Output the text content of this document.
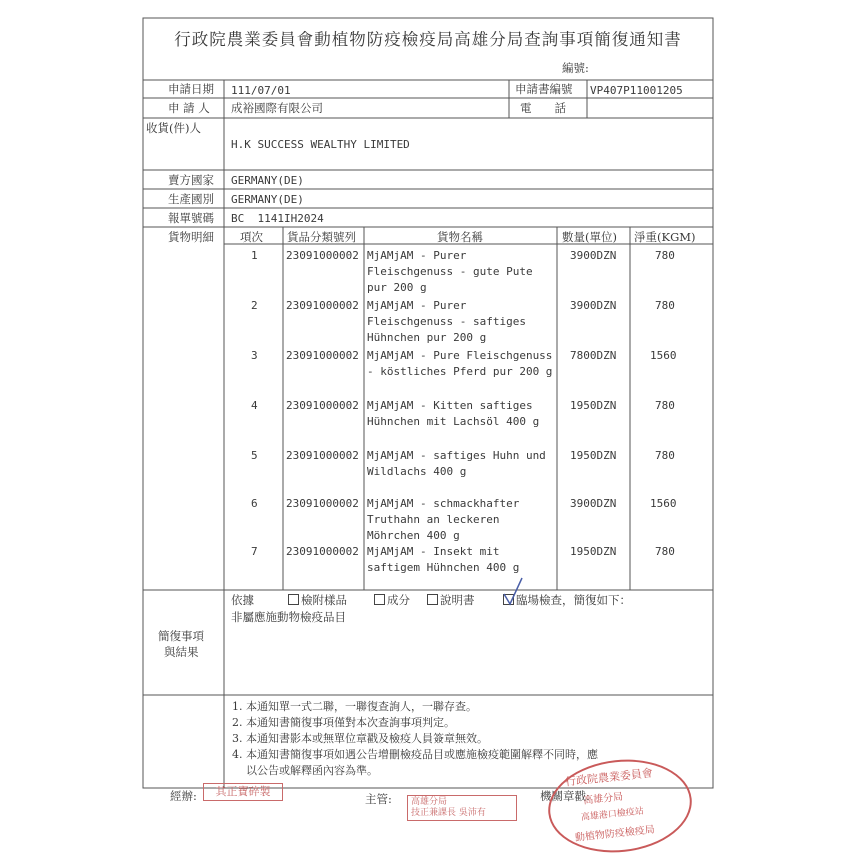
行政院農業委員會動植物防疫檢疫局高雄分局查詢事項簡復通知書
編號:
申請日期 111/07/01	申請書編號 VP407P11001205
申 請 人 成裕國際有限公司	電　　話
收貨(件)人
H.K SUCCESS WEALTHY LIMITED
賣方國家 GERMANY(DE)
生產國別 GERMANY(DE)
報單號碼 BC  1141IH2024
貨物明細 項次 貨品分類號列	貨物名稱	數量(單位) 淨重(KGM)
1	23091000002 MjAMjAM - Purer
Fleischgenuss - gute Pute
pur 200 g
3900DZN	780
2	23091000002 MjAMjAM - Purer
Fleischgenuss - saftiges
Hühnchen pur 200 g
3900DZN	780
3	23091000002 MjAMjAM - Pure Fleischgenuss
- köstliches Pferd pur 200 g
7800DZN	1560
4	23091000002 MjAMjAM - Kitten saftiges
Hühnchen mit Lachsöl 400 g
1950DZN	780
5	23091000002 MjAMjAM - saftiges Huhn und
Wildlachs 400 g
1950DZN	780
6	23091000002 MjAMjAM - schmackhafter
Truthahn an leckeren
Möhrchen 400 g
3900DZN	1560
7	23091000002 MjAMjAM - Insekt mit
saftigem Hühnchen 400 g
1950DZN	780
簡復事項
與結果
依據	檢附樣品	成分	說明書	臨場檢查，簡復如下：
非屬應施動物檢疫品目
1. 本通知單一式二聯，一聯復查詢人，一聯存查。
2. 本通知書簡復事項僅對本次查詢事項判定。
3. 本通知書影本或無單位章戳及檢疫人員簽章無效。
4. 本通知書簡復事項如遇公告增刪檢疫品目或應施檢疫範圍解釋不同時，應
以公告或解釋函內容為準。
經辦:	其正寶碎製
主管:	高雄分局
技正兼課長 吳沛有
機關章戳:
行政院農業委員會
高雄分局
高雄港口檢疫站
動植物防疫檢疫局
